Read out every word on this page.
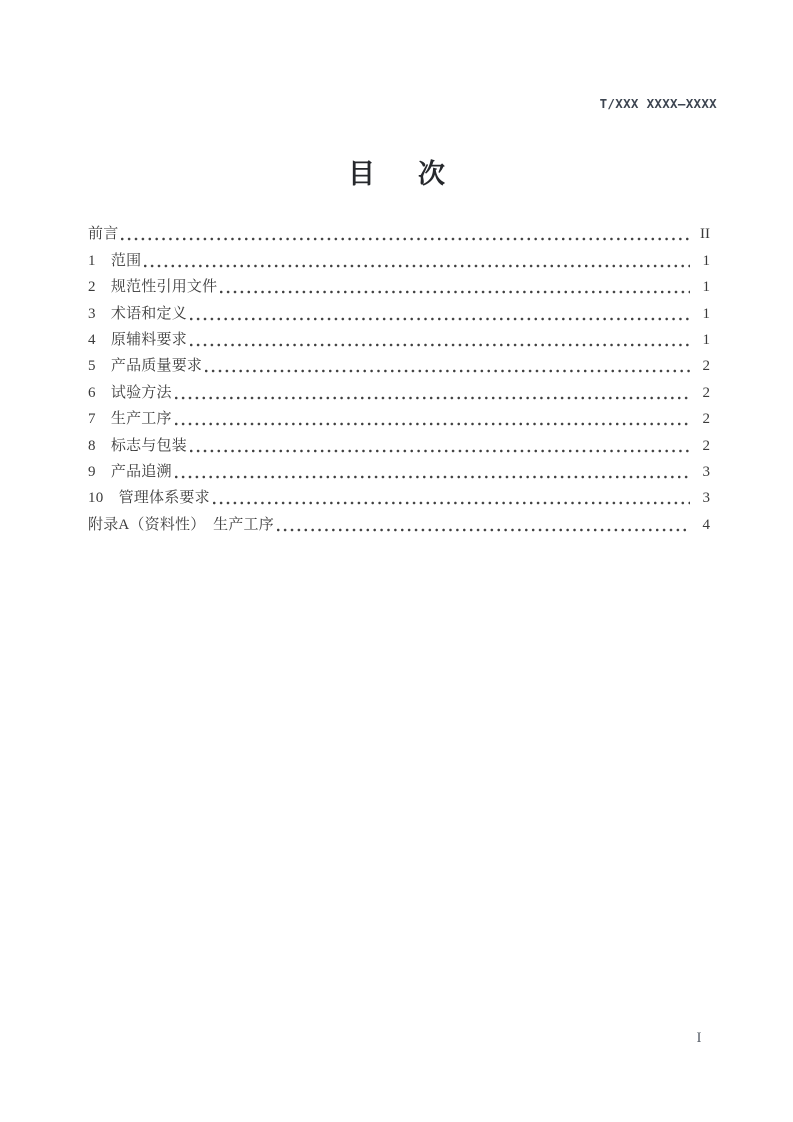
T/XXX XXXX—XXXX
目　次
前言	II
1　范围	1
2　规范性引用文件	1
3　术语和定义	1
4　原辅料要求	1
5　产品质量要求	2
6　试验方法	2
7　生产工序	2
8　标志与包装	2
9　产品追溯	3
10　管理体系要求	3
附录A（资料性）　生产工序	4
I
